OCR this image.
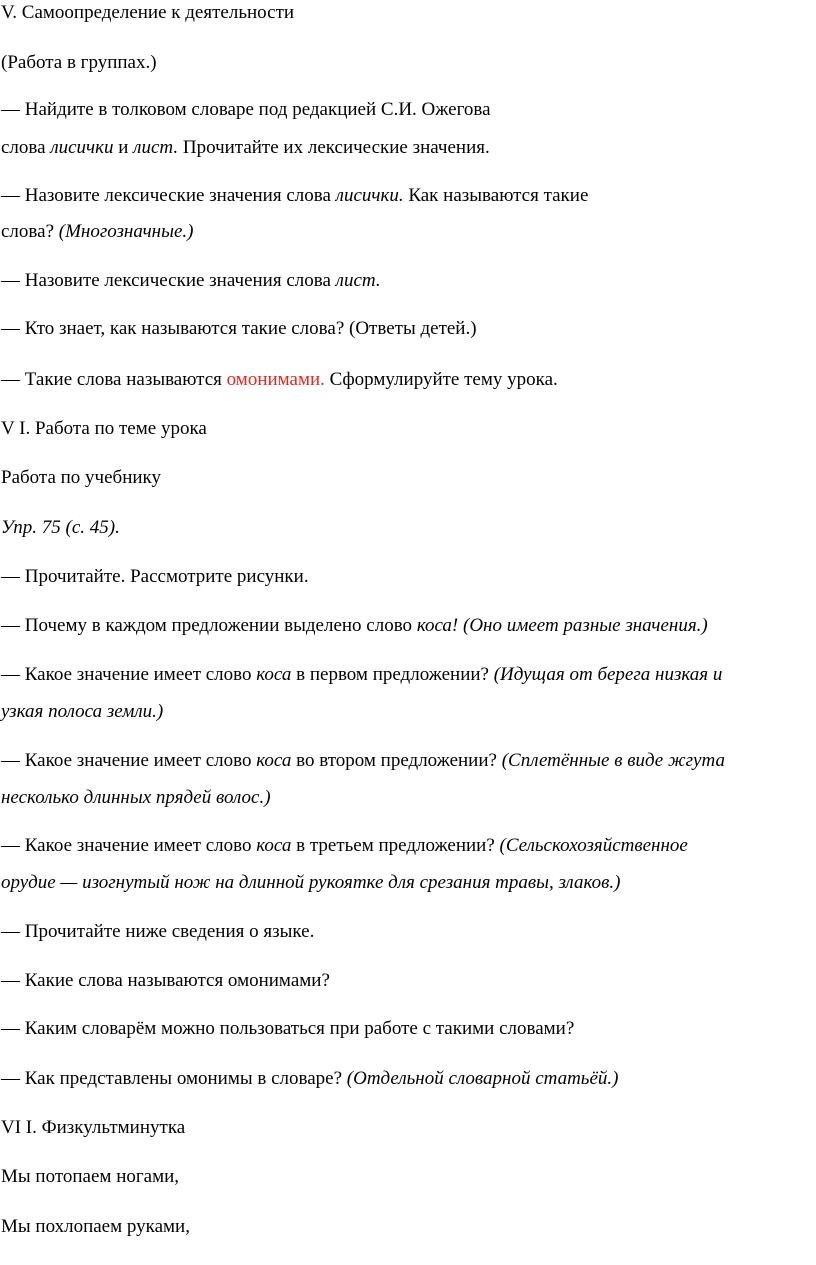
V. Самоопределение к деятельности

(Работа в группах.)

— Найдите в толковом словаре под редакцией С.И. Ожегова

слова лисички и лист. Прочитайте их лексические значения.

— Назовите лексические значения слова лисички. Как называются такие

слова? (Многозначные.)

— Назовите лексические значения слова лист.

— Кто знает, как называются такие слова? (Ответы детей.)

— Такие слова называются омонимами. Сформулируйте тему урока.

V I. Работа по теме урока

Работа по учебнику

Упр. 75 (с. 45).

— Прочитайте. Рассмотрите рисунки.

— Почему в каждом предложении выделено слово коса! (Оно имеет разные значения.)

— Какое значение имеет слово коса в первом предложении? (Идущая от берега низкая и

узкая полоса земли.)

— Какое значение имеет слово коса во втором предложении? (Сплетённые в виде жгута

несколько длинных прядей волос.)

— Какое значение имеет слово коса в третьем предложении? (Сельскохозяйственное

орудие — изогнутый нож на длинной рукоятке для срезания травы, злаков.)

— Прочитайте ниже сведения о языке.

— Какие слова называются омонимами?

— Каким словарём можно пользоваться при работе с такими словами?

— Как представлены омонимы в словаре? (Отдельной словарной статьёй.)

VI I. Физкультминутка

Мы потопаем ногами,

Мы похлопаем руками,
